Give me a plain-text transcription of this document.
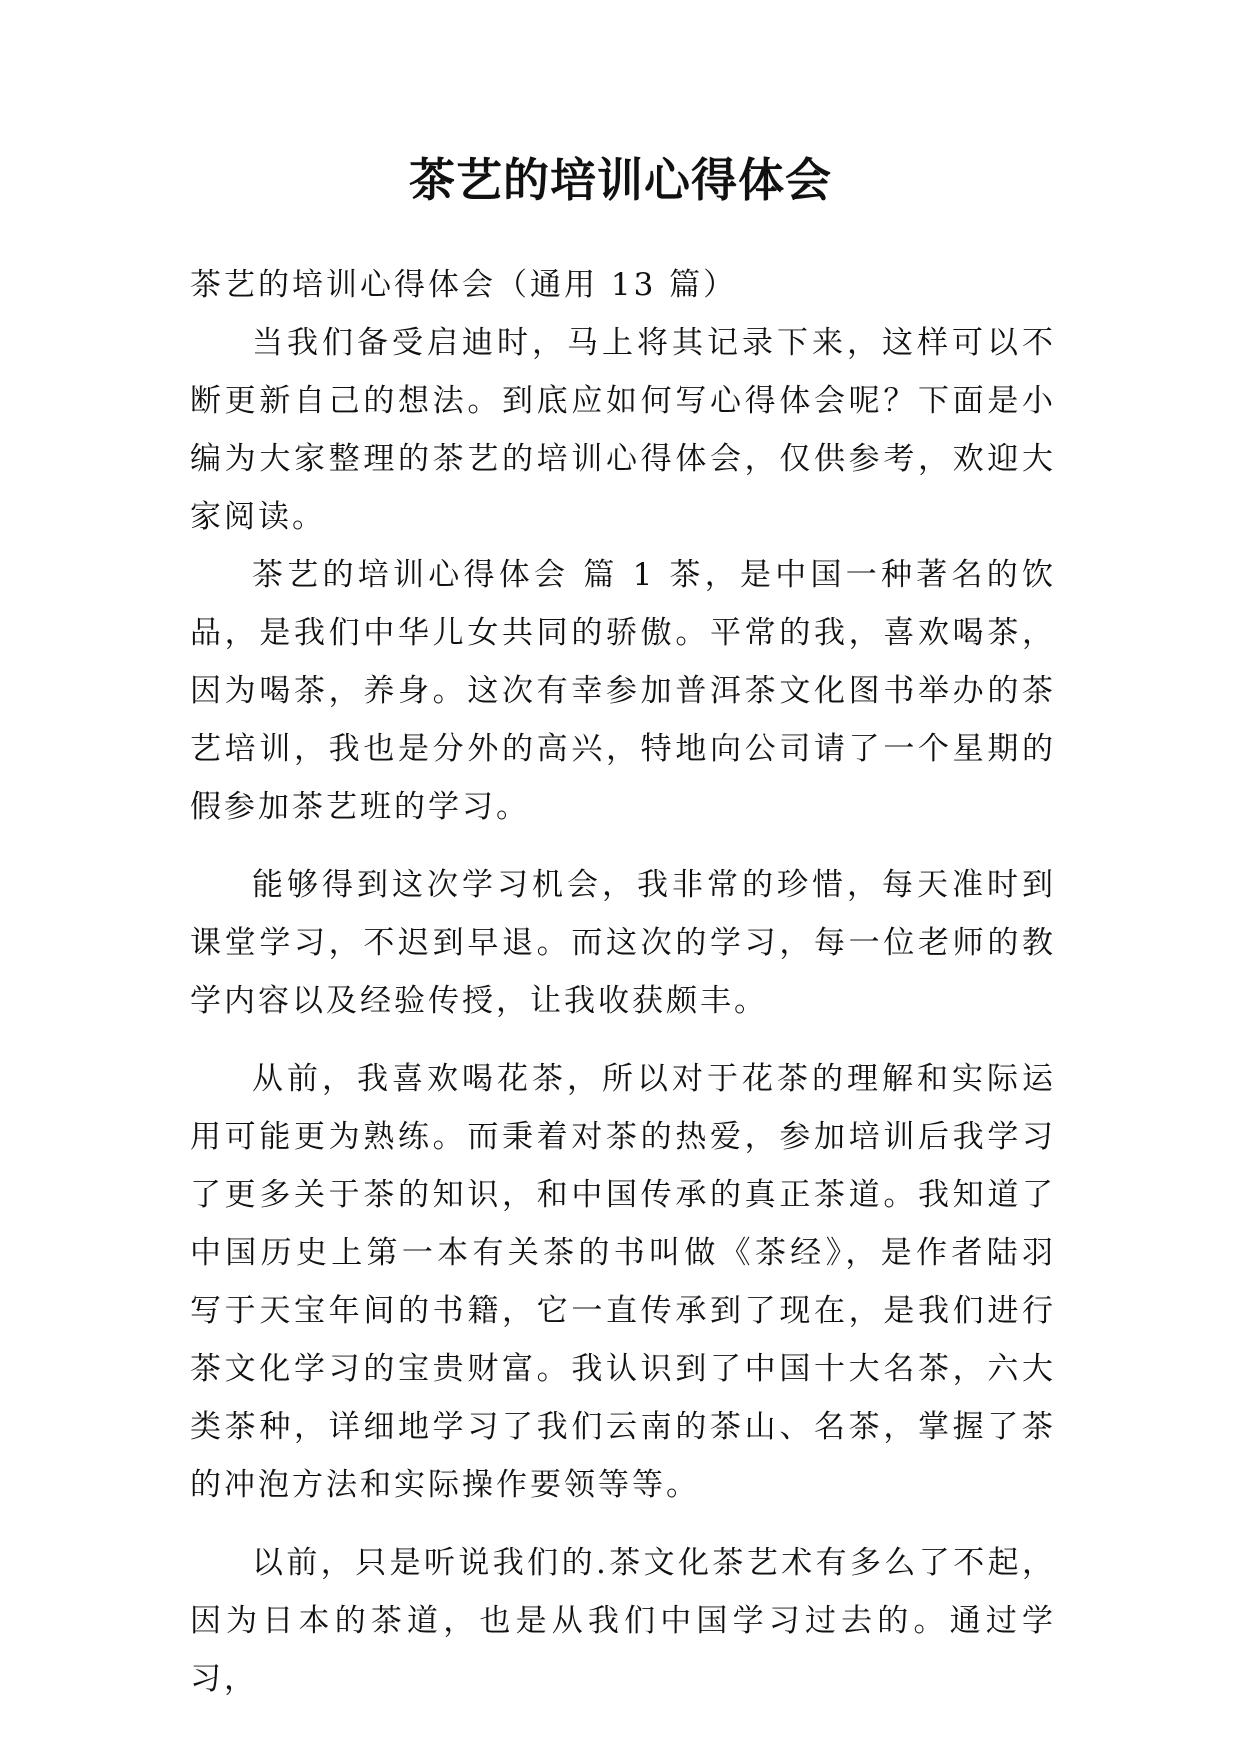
茶艺的培训心得体会

茶艺的培训心得体会（通用 13 篇）

当我们备受启迪时，马上将其记录下来，这样可以不断更新自己的想法。到底应如何写心得体会呢？下面是小编为大家整理的茶艺的培训心得体会，仅供参考，欢迎大家阅读。

茶艺的培训心得体会 篇 1 茶，是中国一种著名的饮品，是我们中华儿女共同的骄傲。平常的我，喜欢喝茶，因为喝茶，养身。这次有幸参加普洱茶文化图书举办的茶艺培训，我也是分外的高兴，特地向公司请了一个星期的假参加茶艺班的学习。

能够得到这次学习机会，我非常的珍惜，每天准时到课堂学习，不迟到早退。而这次的学习，每一位老师的教学内容以及经验传授，让我收获颇丰。

从前，我喜欢喝花茶，所以对于花茶的理解和实际运用可能更为熟练。而秉着对茶的热爱，参加培训后我学习了更多关于茶的知识，和中国传承的真正茶道。我知道了中国历史上第一本有关茶的书叫做《茶经》，是作者陆羽写于天宝年间的书籍，它一直传承到了现在，是我们进行茶文化学习的宝贵财富。我认识到了中国十大名茶，六大类茶种，详细地学习了我们云南的茶山、名茶，掌握了茶的冲泡方法和实际操作要领等等。

以前，只是听说我们的.茶文化茶艺术有多么了不起，因为日本的茶道，也是从我们中国学习过去的。通过学习，
